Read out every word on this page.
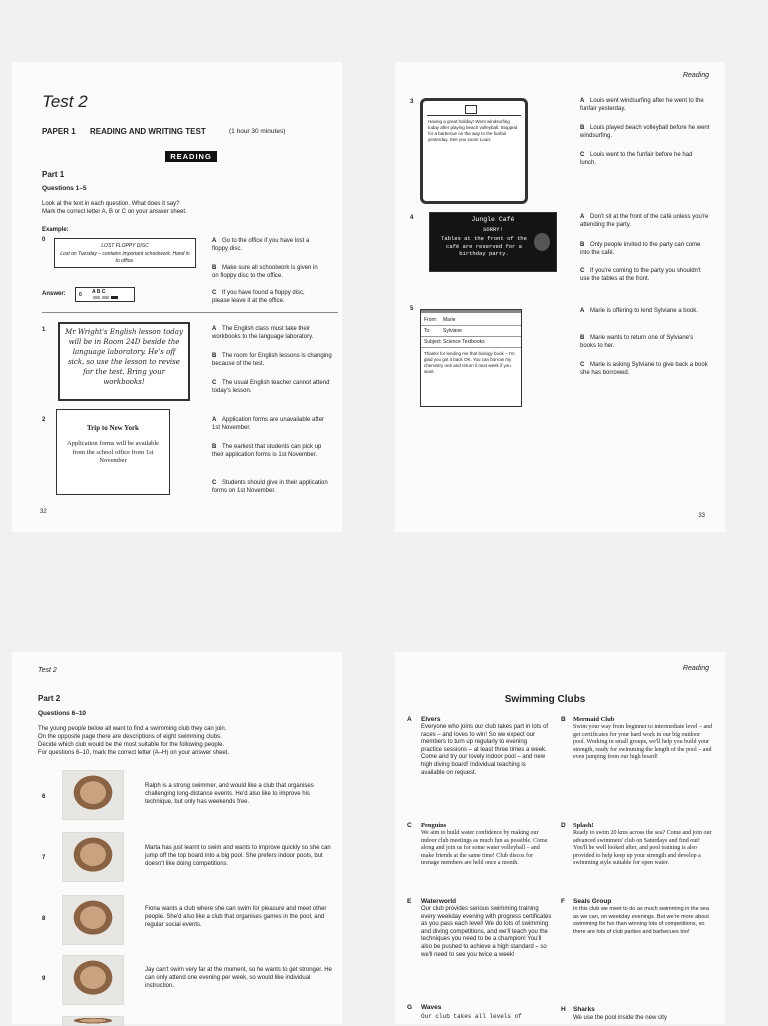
Test 2
PAPER 1 READING AND WRITING TEST	(1 hour 30 minutes)
READING
Part 1
Questions 1–5
Look at the text in each question. What does it say?
Mark the correct letter A, B or C on your answer sheet.
Example:
0
LOST FLOPPY DISC
Lost on Tuesday – contains important schoolwork. Hand in to office.
A Go to the office if you have lost a floppy disc.
B Make sure all schoolwork is given in on floppy disc to the office.
C If you have found a floppy disc, please leave it at the office.
Answer:	0 A B C
1	Mr Wright's English lesson today will be in Room 24D beside the language laboratory. He's off sick, so use the lesson to revise for the test. Bring your workbooks!
A The English class must take their workbooks to the language laboratory.
B The room for English lessons is changing because of the test.
C The usual English teacher cannot attend today's lesson.
2
Trip to New York
Application forms will be available from the school office from 1st November
A Application forms are unavailable after 1st November.
B The earliest that students can pick up their application forms is 1st November.
C Students should give in their application forms on 1st November.
32
Reading
3
Having a great holiday! Went windsurfing today after playing beach volleyball. Stopped for a barbecue on the way to the funfair yesterday. See you soon! Louis
A Louis went windsurfing after he went to the funfair yesterday.
B Louis played beach volleyball before he went windsurfing.
C Louis went to the funfair before he had lunch.
4	Jungle Café
SORRY!
Tables at the front of the café are reserved for a birthday party.
A Don't sit at the front of the café unless you're attending the party.
B Only people invited to the party can come into the café.
C If you're coming to the party you shouldn't use the tables at the front.
5
From: Marie
To: Sylviane
Subject: Science Textbooks
Thanks for lending me that biology book – I'm glad you got it back OK. You can borrow my chemistry one and return it next week if you want.
A Marie is offering to lend Sylviane a book.
B Marie wants to return one of Sylviane's books to her.
C Marie is asking Sylviane to give back a book she has borrowed.
33
Test 2
Part 2
Questions 6–10
The young people below all want to find a swimming club they can join.
On the opposite page there are descriptions of eight swimming clubs.
Decide which club would be the most suitable for the following people.
For questions 6–10, mark the correct letter (A–H) on your answer sheet.
6
Ralph is a strong swimmer, and would like a club that organises challenging long-distance events. He'd also like to improve his technique, but only has weekends free.
7
Marta has just learnt to swim and wants to improve quickly so she can jump off the top board into a big pool. She prefers indoor pools, but doesn't like doing competitions.
8
Fiona wants a club where she can swim for pleasure and meet other people. She'd also like a club that organises games in the pool, and regular social events.
9
Jay can't swim very far at the moment, so he wants to get stronger. He can only attend one evening per week, so would like individual instruction.
Reading
Swimming Clubs
A Elvers
Everyone who joins our club takes part in lots of races – and loves to win! So we expect our members to turn up regularly to evening practice sessions – at least three times a week. Come and try our lovely indoor pool – and new high diving board! Individual teaching is available on request.
B Mermaid Club
Swim your way from beginner to intermediate level – and get certificates for your hard work in our big outdoor pool. Working in small groups, we'll help you build your strength, ready for swimming the length of the pool – and even jumping from our high board!
C Penguins
We aim to build water confidence by making our indoor club meetings as much fun as possible. Come along and join us for some water volleyball – and make friends at the same time! Club discos for teenage members are held once a month.
D Splash!
Ready to swim 20 kms across the sea? Come and join our advanced swimmers' club on Saturdays and find out! You'll be well looked after, and pool training is also provided to help keep up your strength and develop a swimming style suitable for open water.
E Waterworld
Our club provides serious swimming training every weekday evening with progress certificates as you pass each level! We do lots of swimming and diving competitions, and we'll teach you the techniques you need to be a champion! You'll also be pushed to achieve a high standard – so we'll need to see you twice a week!
F Seals Group
In this club we meet to do as much swimming in the sea as we can, on weekday evenings. But we're more about swimming for fun than winning lots of competitions, so there are lots of club parties and barbecues too!
G Waves
Our club takes all levels of
H Sharks
We use the pool inside the new city
